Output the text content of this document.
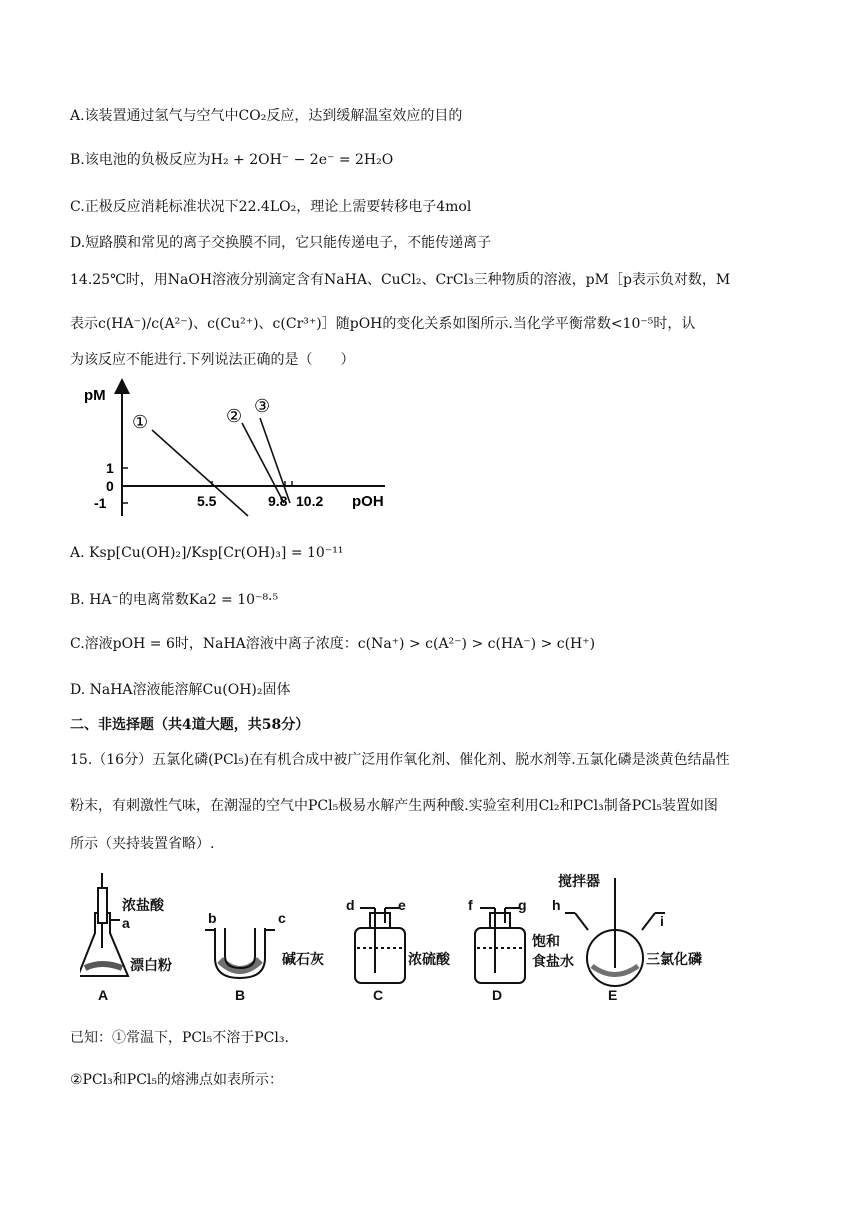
A.该装置通过氢气与空气中CO₂反应，达到缓解温室效应的目的
B.该电池的负极反应为H₂ + 2OH⁻ − 2e⁻ = 2H₂O
C.正极反应消耗标准状况下22.4LO₂，理论上需要转移电子4mol
D.短路膜和常见的离子交换膜不同，它只能传递电子，不能传递离子
14.25℃时，用NaOH溶液分别滴定含有NaHA、CuCl₂、CrCl₃三种物质的溶液，pM［p表示负对数，M
表示c(HA⁻)/c(A²⁻)、c(Cu²⁺)、c(Cr³⁺)］随pOH的变化关系如图所示.当化学平衡常数<10⁻⁵时，认
为该反应不能进行.下列说法正确的是（　　）
pM
1
0
-1	5.5	9.8 10.2 pOH
①	② ③
A. Ksp[Cu(OH)₂]/Ksp[Cr(OH)₃] = 10⁻¹¹
B. HA⁻的电离常数Ka2 = 10⁻⁸·⁵
C.溶液pOH = 6时，NaHA溶液中离子浓度：c(Na⁺) > c(A²⁻) > c(HA⁻) > c(H⁺)
D. NaHA溶液能溶解Cu(OH)₂固体
二、非选择题（共4道大题，共58分）
15.（16分）五氯化磷(PCl₅)在有机合成中被广泛用作氧化剂、催化剂、脱水剂等.五氯化磷是淡黄色结晶性
粉末，有刺激性气味，在潮湿的空气中PCl₅极易水解产生两种酸.实验室利用Cl₂和PCl₃制备PCl₅装置如图
所示（夹持装置省略）.
浓盐酸
a
漂白粉
A
b	c
碱石灰
B
d	e
浓硫酸
C
f	g
饱和
食盐水
D
搅拌器
h
i
三氯化磷
E
已知：①常温下，PCl₅不溶于PCl₃.
②PCl₃和PCl₅的熔沸点如表所示：
